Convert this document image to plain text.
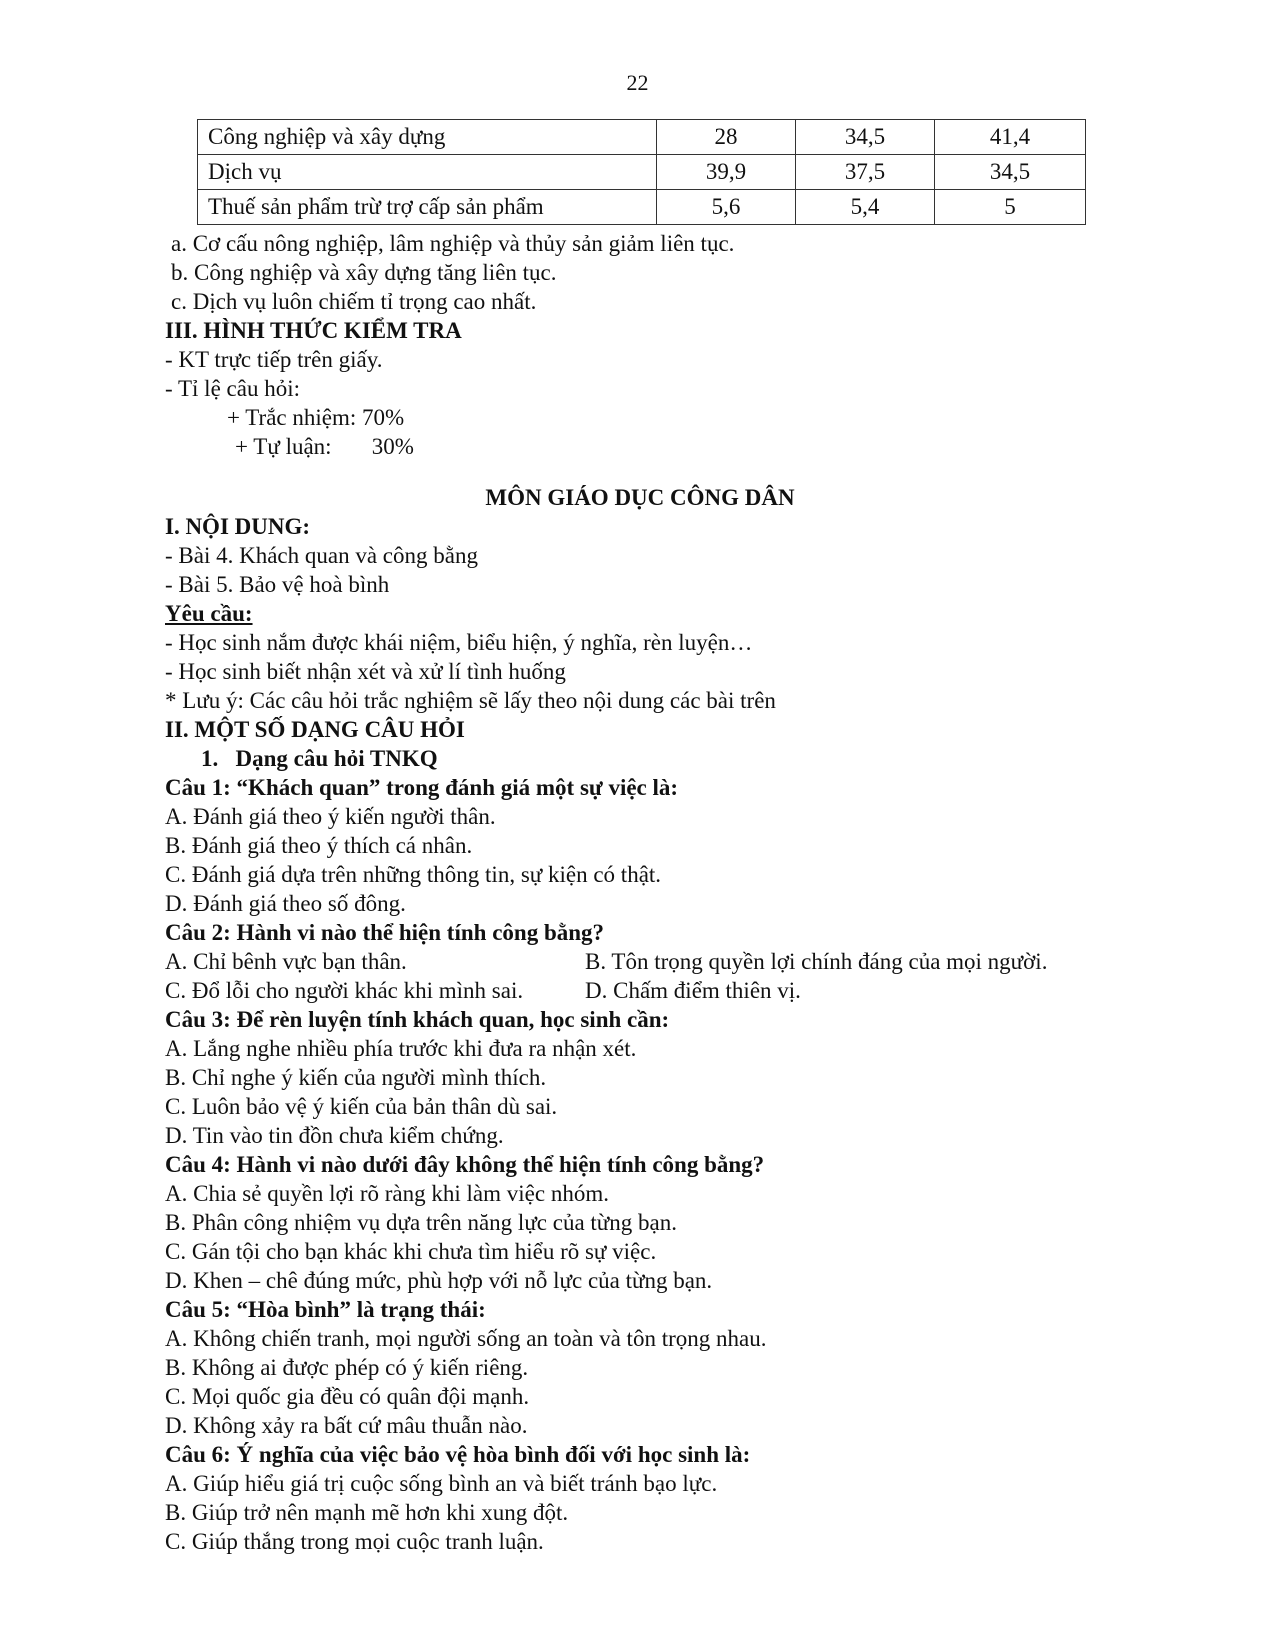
22
Công nghiệp và xây dựng	28	34,5	41,4
Dịch vụ	39,9	37,5	34,5
Thuế sản phẩm trừ trợ cấp sản phẩm	5,6	5,4	5
a. Cơ cấu nông nghiệp, lâm nghiệp và thủy sản giảm liên tục.
b. Công nghiệp và xây dựng tăng liên tục.
c. Dịch vụ luôn chiếm tỉ trọng cao nhất.
III. HÌNH THỨC KIỂM TRA
- KT trực tiếp trên giấy.
- Tỉ lệ câu hỏi:
+ Trắc nhiệm: 70%
+ Tự luận:       30%
MÔN GIÁO DỤC CÔNG DÂN
I. NỘI DUNG:
- Bài 4. Khách quan và công bằng
- Bài 5. Bảo vệ hoà bình
Yêu cầu:
- Học sinh nắm được khái niệm, biểu hiện, ý nghĩa, rèn luyện…
- Học sinh biết nhận xét và xử lí tình huống
* Lưu ý: Các câu hỏi trắc nghiệm sẽ lấy theo nội dung các bài trên
II. MỘT SỐ DẠNG CÂU HỎI
1.   Dạng câu hỏi TNKQ
Câu 1: “Khách quan” trong đánh giá một sự việc là:
A. Đánh giá theo ý kiến người thân.
B. Đánh giá theo ý thích cá nhân.
C. Đánh giá dựa trên những thông tin, sự kiện có thật.
D. Đánh giá theo số đông.
Câu 2: Hành vi nào thể hiện tính công bằng?
A. Chỉ bênh vực bạn thân.	B. Tôn trọng quyền lợi chính đáng của mọi người.
C. Đổ lỗi cho người khác khi mình sai.	D. Chấm điểm thiên vị.
Câu 3: Để rèn luyện tính khách quan, học sinh cần:
A. Lắng nghe nhiều phía trước khi đưa ra nhận xét.
B. Chỉ nghe ý kiến của người mình thích.
C. Luôn bảo vệ ý kiến của bản thân dù sai.
D. Tin vào tin đồn chưa kiểm chứng.
Câu 4: Hành vi nào dưới đây không thể hiện tính công bằng?
A. Chia sẻ quyền lợi rõ ràng khi làm việc nhóm.
B. Phân công nhiệm vụ dựa trên năng lực của từng bạn.
C. Gán tội cho bạn khác khi chưa tìm hiểu rõ sự việc.
D. Khen – chê đúng mức, phù hợp với nỗ lực của từng bạn.
Câu 5: “Hòa bình” là trạng thái:
A. Không chiến tranh, mọi người sống an toàn và tôn trọng nhau.
B. Không ai được phép có ý kiến riêng.
C. Mọi quốc gia đều có quân đội mạnh.
D. Không xảy ra bất cứ mâu thuẫn nào.
Câu 6: Ý nghĩa của việc bảo vệ hòa bình đối với học sinh là:
A. Giúp hiểu giá trị cuộc sống bình an và biết tránh bạo lực.
B. Giúp trở nên mạnh mẽ hơn khi xung đột.
C. Giúp thắng trong mọi cuộc tranh luận.
